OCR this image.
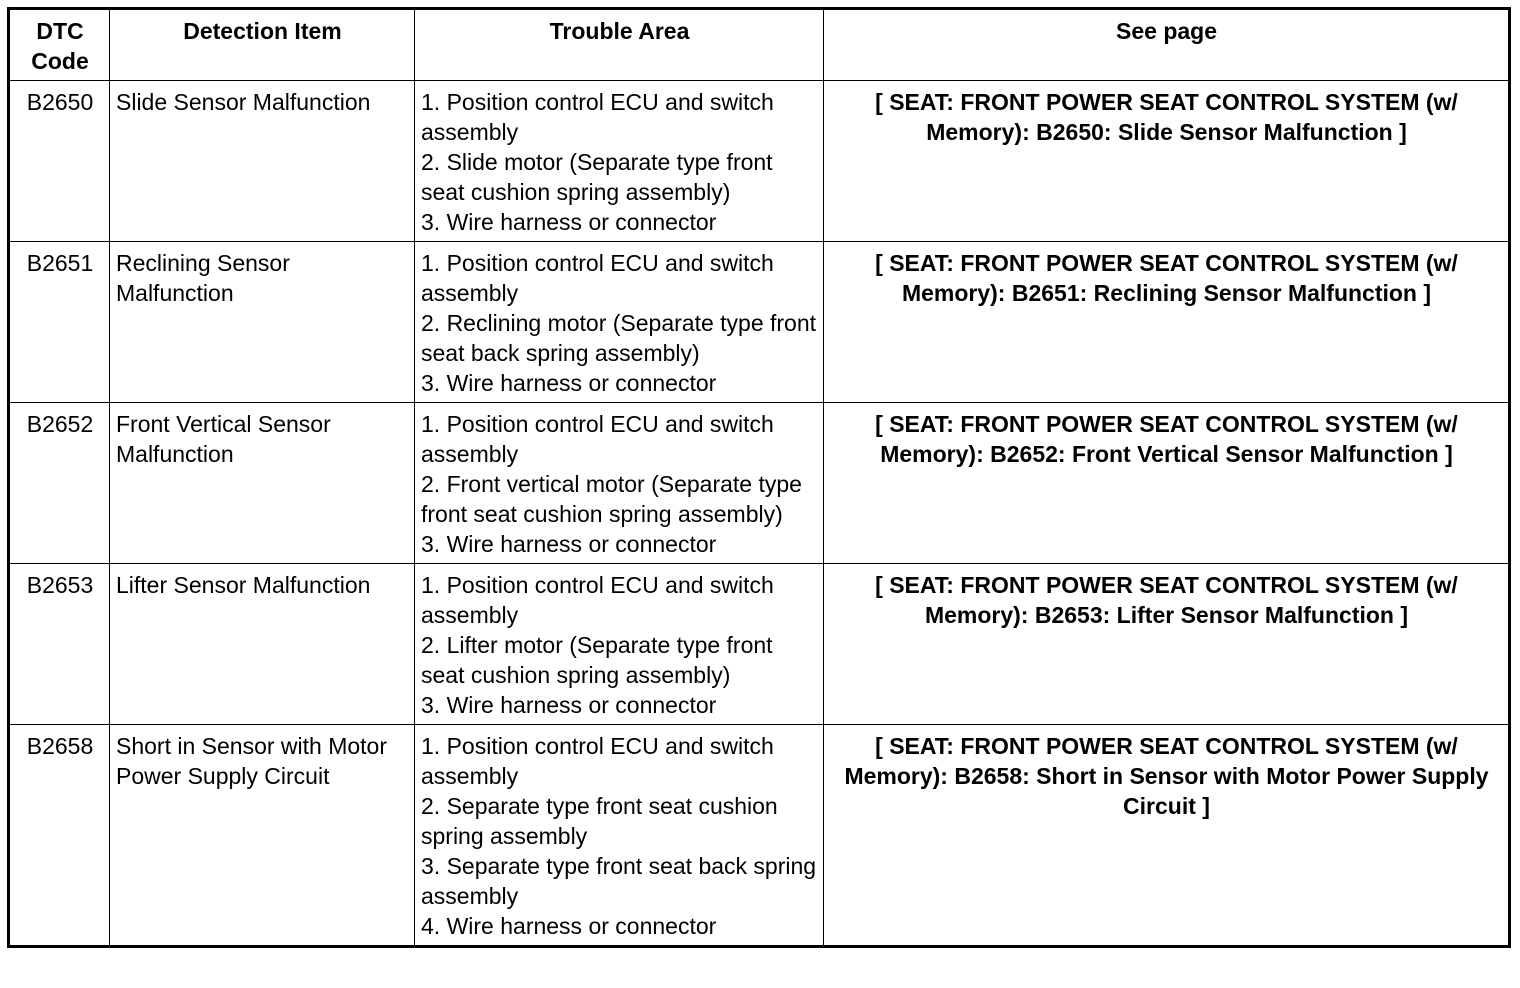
DTC Code	Detection Item	Trouble Area	See page
B2650	Slide Sensor Malfunction	1. Position control ECU and switch assembly
2. Slide motor (Separate type front seat cushion spring assembly)
3. Wire harness or connector	[ SEAT: FRONT POWER SEAT CONTROL SYSTEM (w/ Memory): B2650: Slide Sensor Malfunction ]
B2651	Reclining Sensor Malfunction	1. Position control ECU and switch assembly
2. Reclining motor (Separate type front seat back spring assembly)
3. Wire harness or connector	[ SEAT: FRONT POWER SEAT CONTROL SYSTEM (w/ Memory): B2651: Reclining Sensor Malfunction ]
B2652	Front Vertical Sensor Malfunction	1. Position control ECU and switch assembly
2. Front vertical motor (Separate type front seat cushion spring assembly)
3. Wire harness or connector	[ SEAT: FRONT POWER SEAT CONTROL SYSTEM (w/ Memory): B2652: Front Vertical Sensor Malfunction ]
B2653	Lifter Sensor Malfunction	1. Position control ECU and switch assembly
2. Lifter motor (Separate type front seat cushion spring assembly)
3. Wire harness or connector	[ SEAT: FRONT POWER SEAT CONTROL SYSTEM (w/ Memory): B2653: Lifter Sensor Malfunction ]
B2658	Short in Sensor with Motor Power Supply Circuit	1. Position control ECU and switch assembly
2. Separate type front seat cushion spring assembly
3. Separate type front seat back spring assembly
4. Wire harness or connector	[ SEAT: FRONT POWER SEAT CONTROL SYSTEM (w/ Memory): B2658: Short in Sensor with Motor Power Supply Circuit ]
